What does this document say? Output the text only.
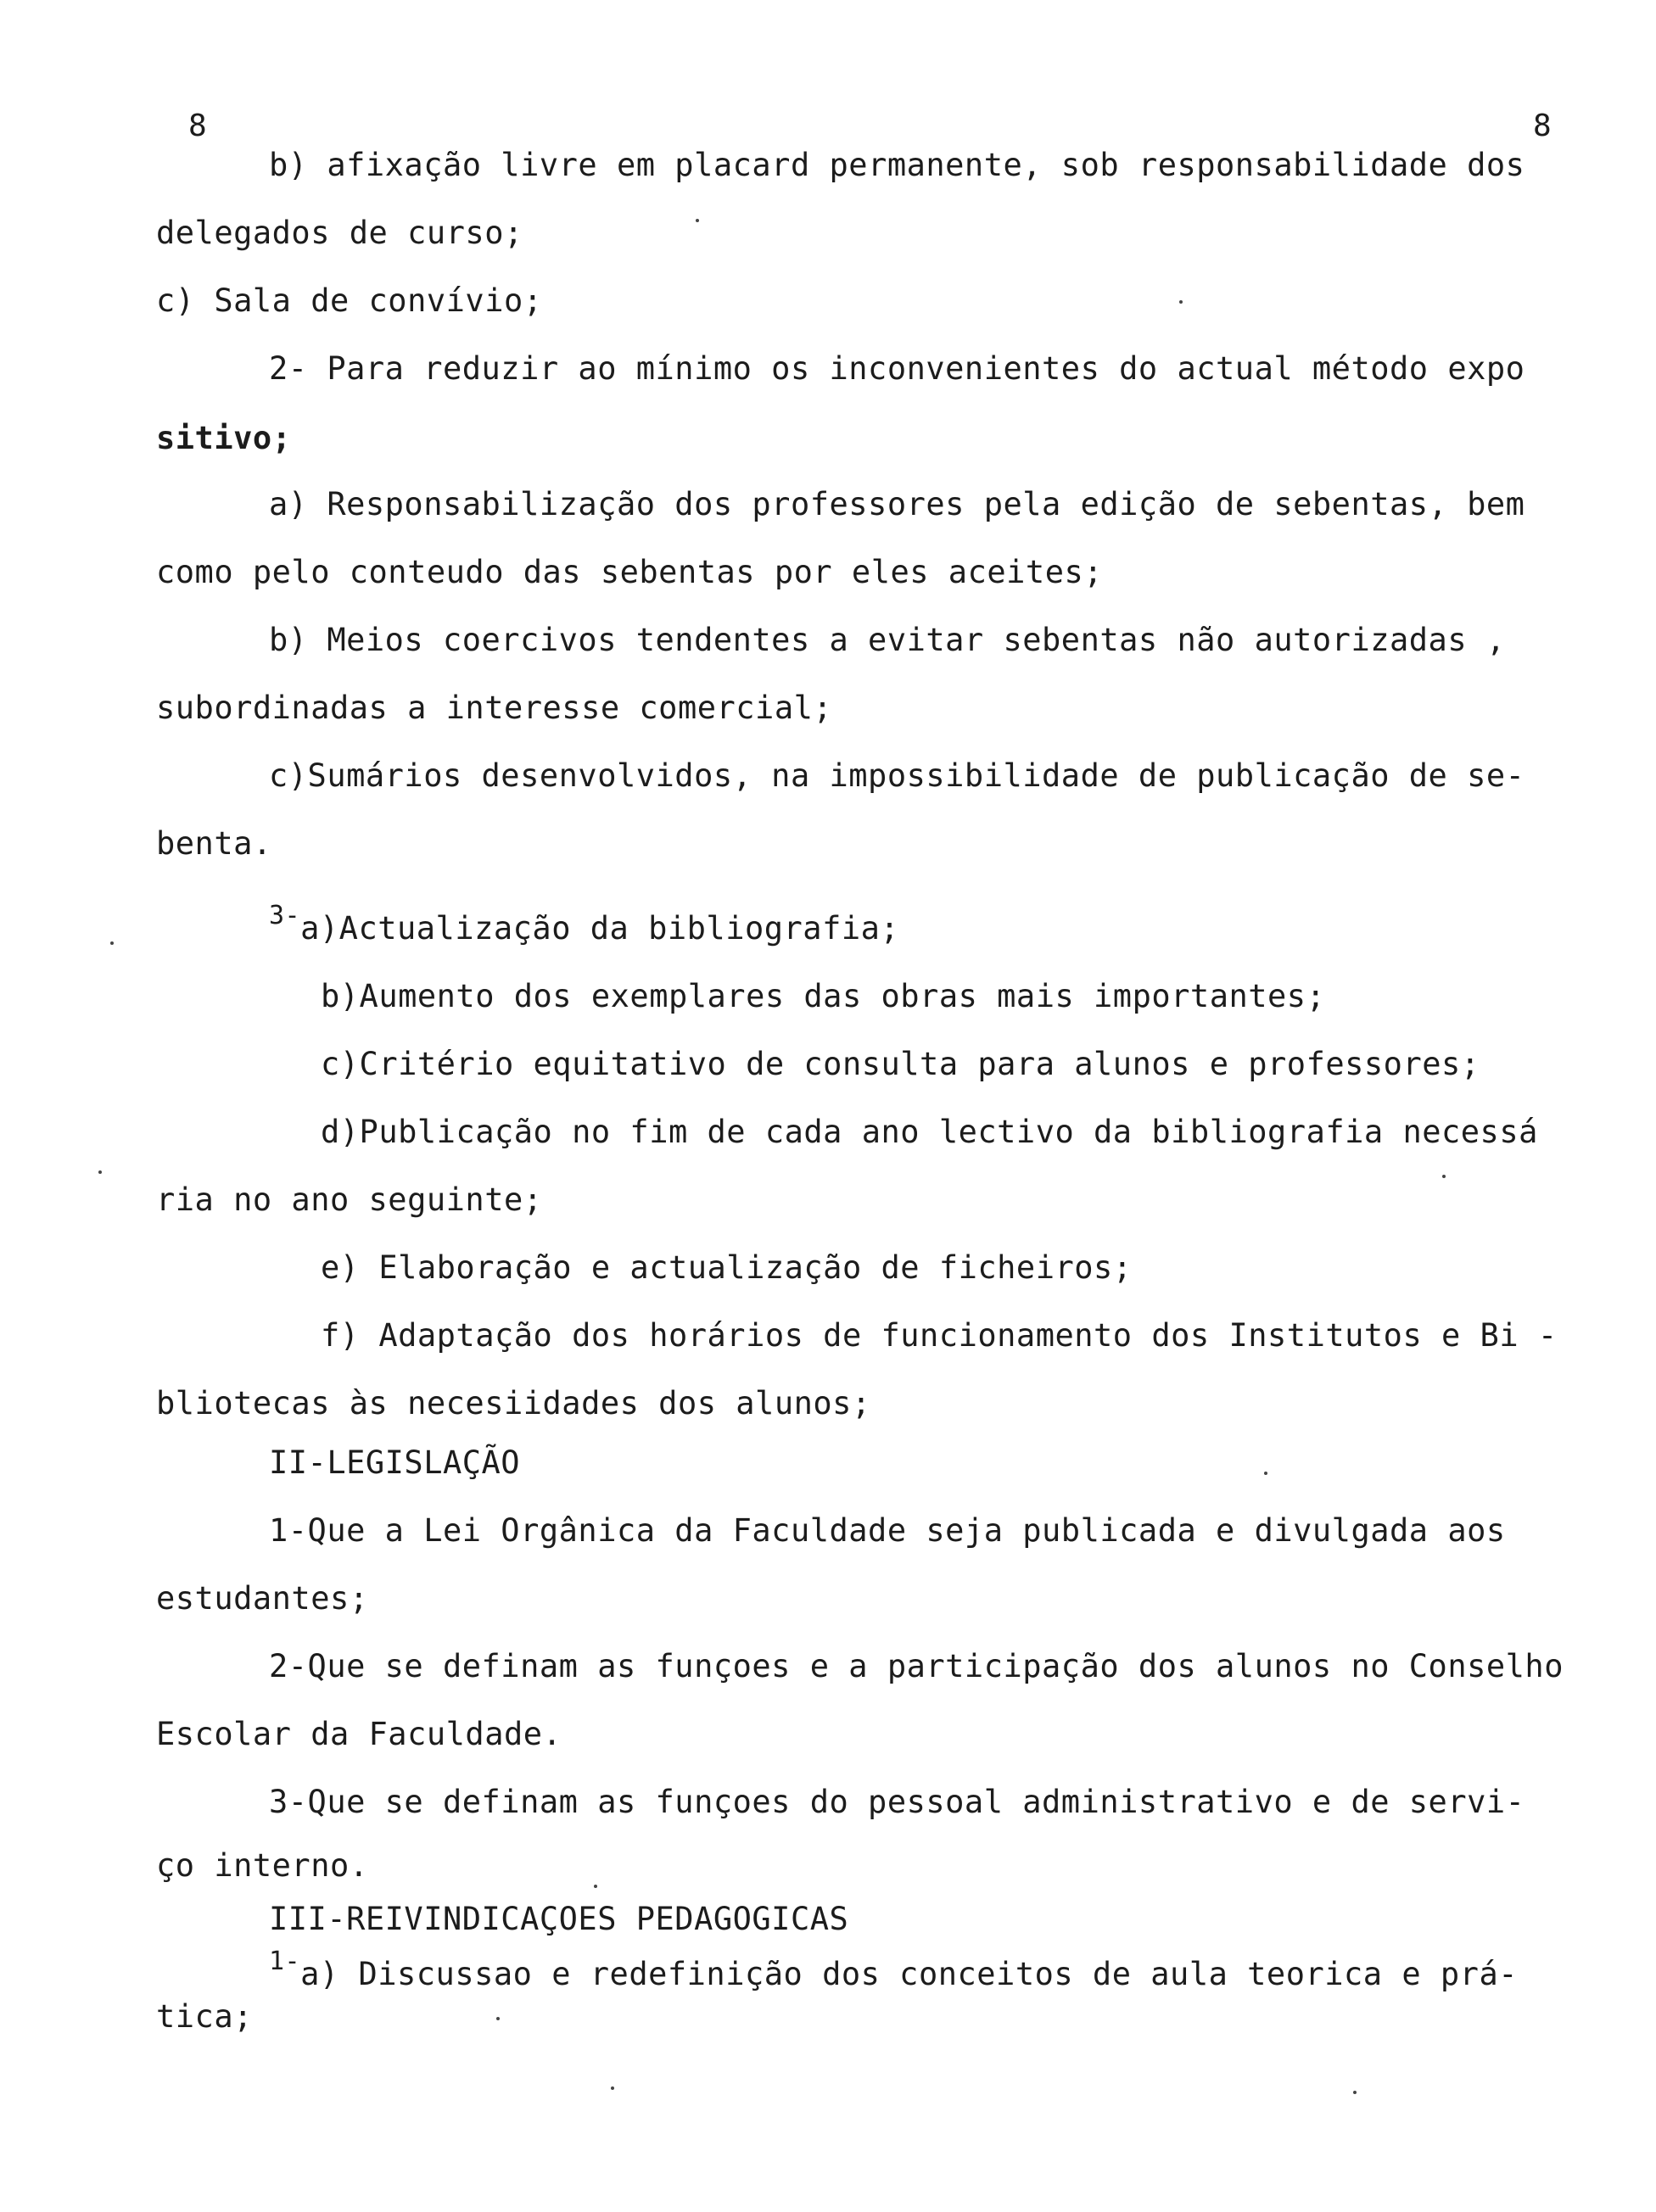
8	8
b) afixação livre em placard permanente, sob responsabilidade dos
delegados de curso;
c) Sala de convívio;
2- Para reduzir ao mínimo os inconvenientes do actual método expo
sitivo;
a) Responsabilização dos professores pela edição de sebentas, bem
como pelo conteudo das sebentas por eles aceites;
b) Meios coercivos tendentes a evitar sebentas não autorizadas ,
subordinadas a interesse comercial;
c)Sumários desenvolvidos, na impossibilidade de publicação de se-
benta.
$^{3-}$a)Actualização da bibliografia;
b)Aumento dos exemplares das obras mais importantes;
c)Critério equitativo de consulta para alunos e professores;
d)Publicação no fim de cada ano lectivo da bibliografia necessá
ria no ano seguinte;
e) Elaboração e actualização de ficheiros;
f) Adaptação dos horários de funcionamento dos Institutos e Bi -
bliotecas às necesiidades dos alunos;
II-LEGISLAÇÃO
1-Que a Lei Orgânica da Faculdade seja publicada e divulgada aos
estudantes;
2-Que se definam as funçoes e a participação dos alunos no Conselho
Escolar da Faculdade.
3-Que se definam as funçoes do pessoal administrativo e de servi-
ço interno.
III-REIVINDICAÇOES PEDAGOGICAS
$^{1-}$a) Discussao e redefinição dos conceitos de aula teorica e prá-
tica;
